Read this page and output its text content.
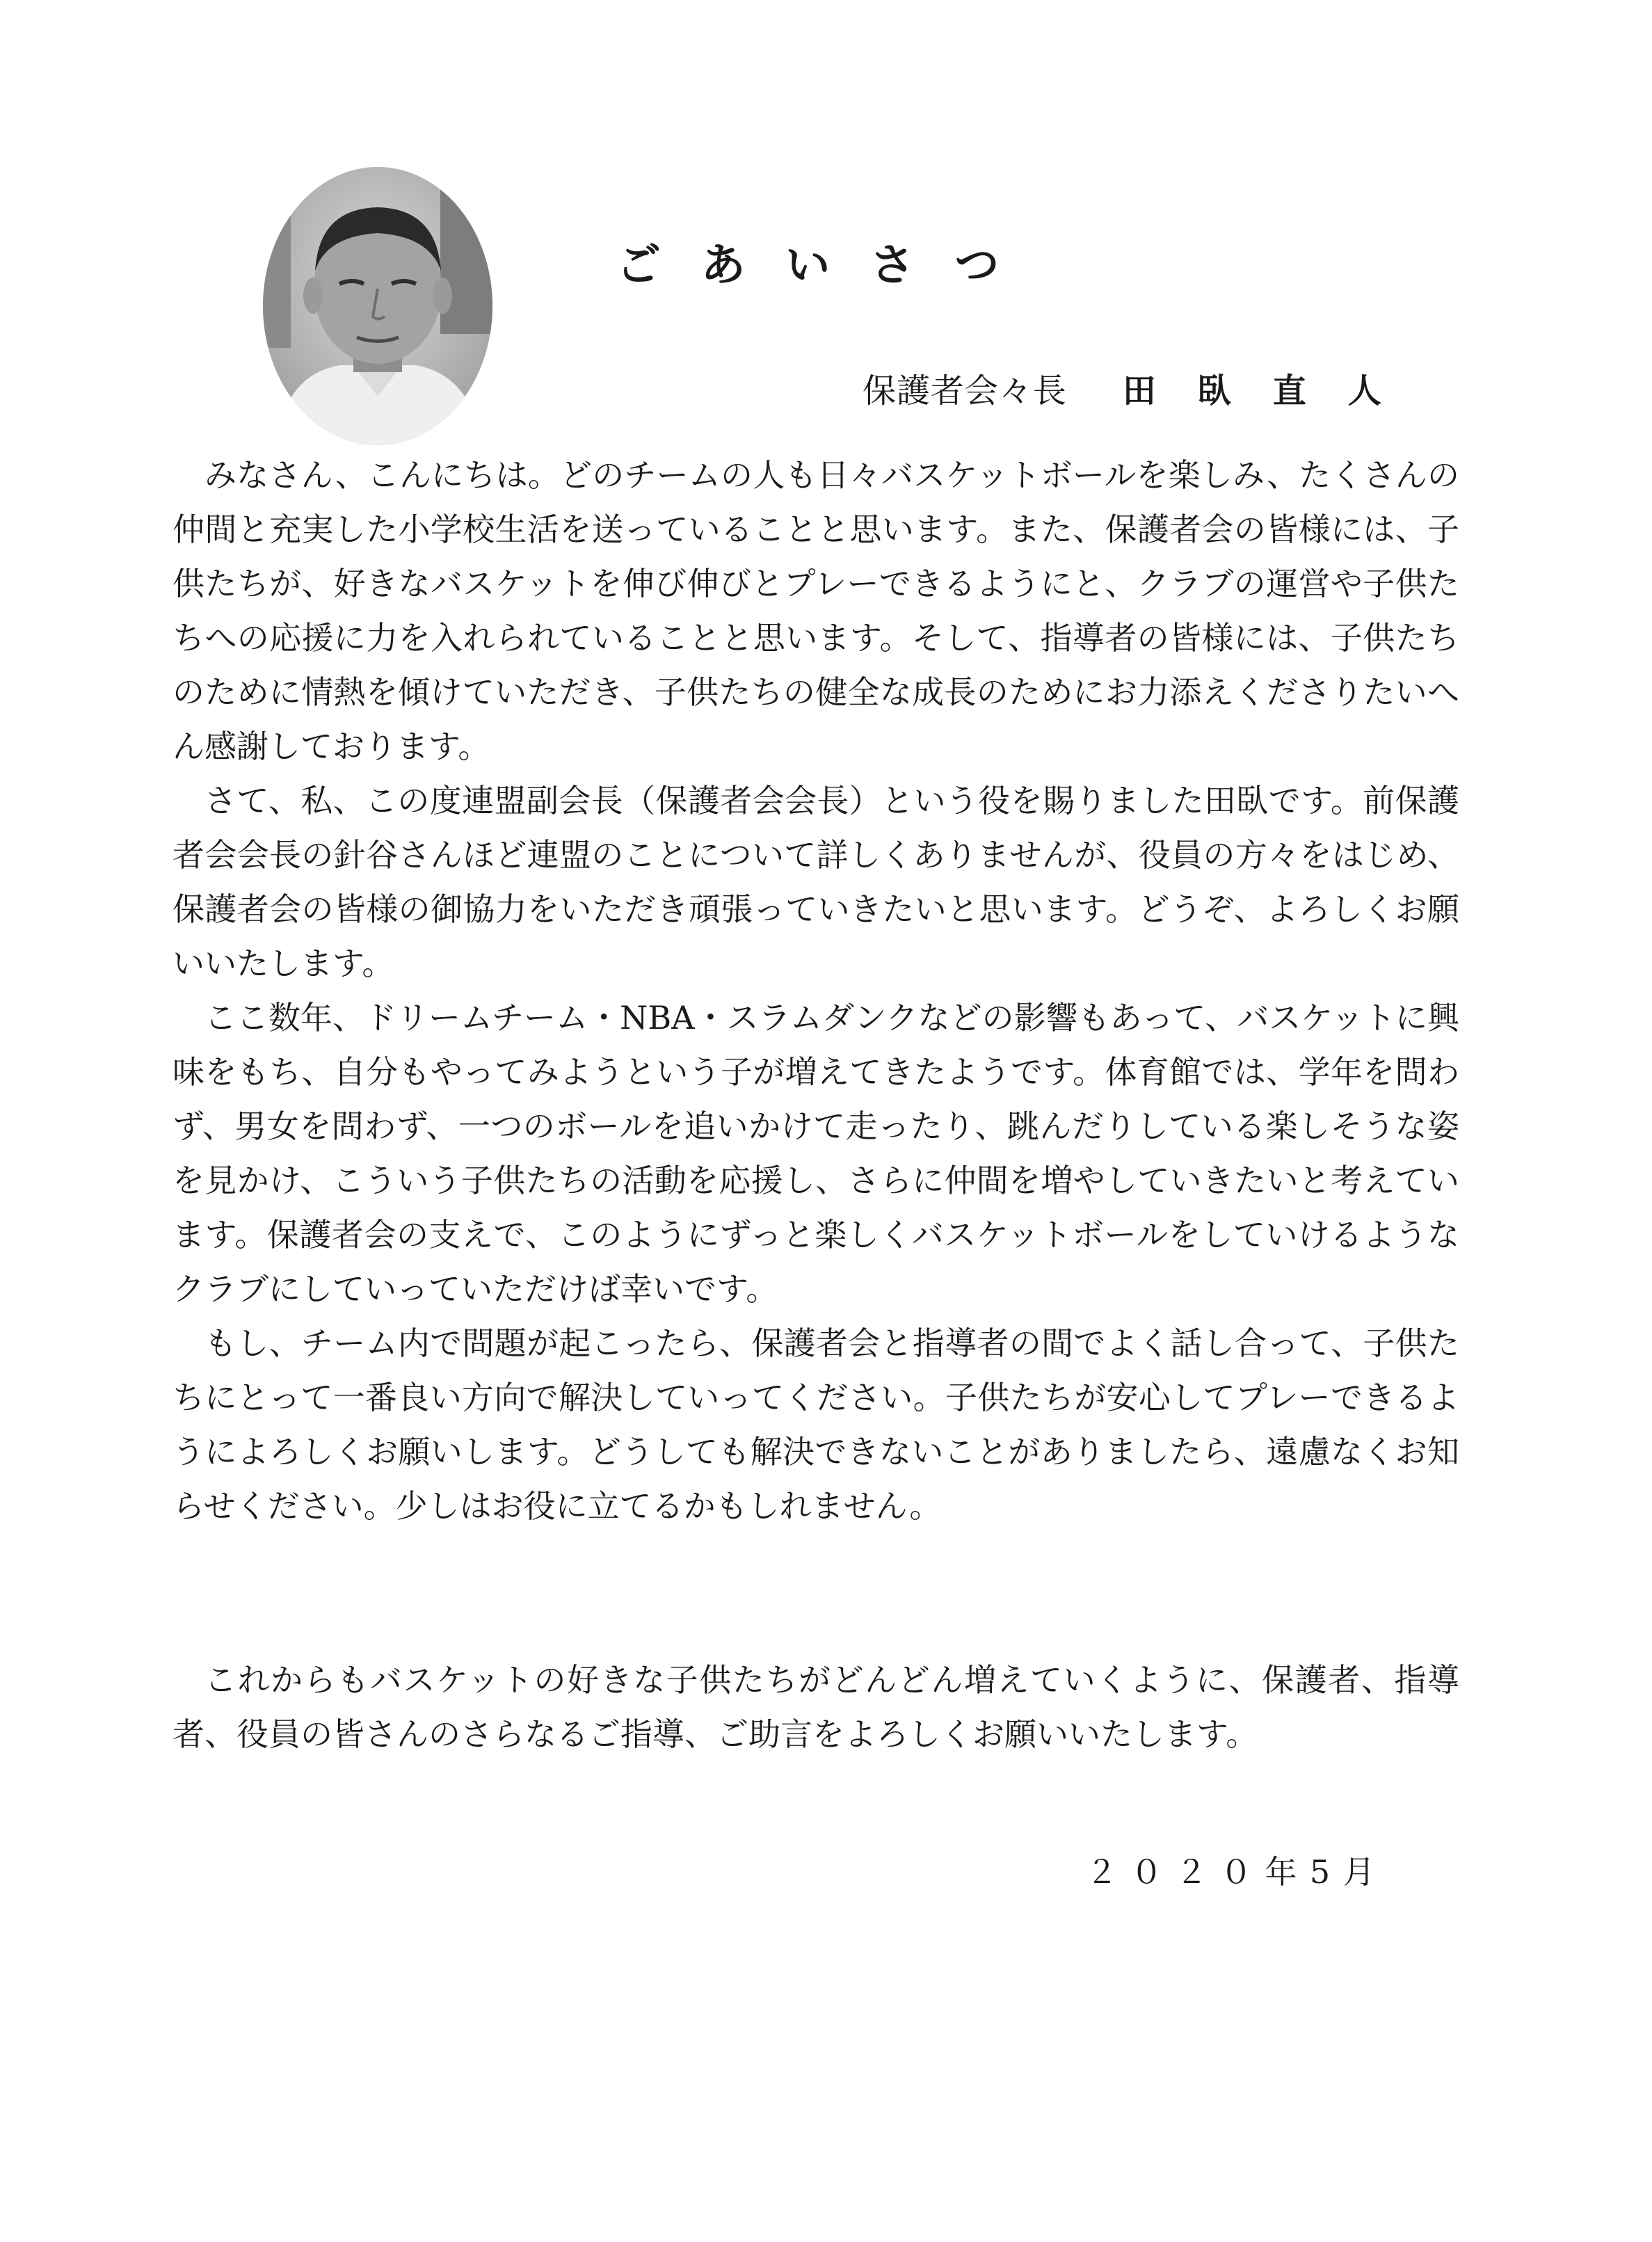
ごあいさつ
保護者会々長 田臥直人

みなさん、こんにちは。どのチームの人も日々バスケットボールを楽しみ、たくさんの仲間と充実した小学校生活を送っていることと思います。また、保護者会の皆様には、子供たちが、好きなバスケットを伸び伸びとプレーできるようにと、クラブの運営や子供たちへの応援に力を入れられていることと思います。そして、指導者の皆様には、子供たちのために情熱を傾けていただき、子供たちの健全な成長のためにお力添えくださりたいへん感謝しております。

さて、私、この度連盟副会長（保護者会会長）という役を賜りました田臥です。前保護者会会長の針谷さんほど連盟のことについて詳しくありませんが、役員の方々をはじめ、保護者会の皆様の御協力をいただき頑張っていきたいと思います。どうぞ、よろしくお願いいたします。

ここ数年、ドリームチーム・NBA・スラムダンクなどの影響もあって、バスケットに興味をもち、自分もやってみようという子が増えてきたようです。体育館では、学年を問わず、男女を問わず、一つのボールを追いかけて走ったり、跳んだりしている楽しそうな姿を見かけ、こういう子供たちの活動を応援し、さらに仲間を増やしていきたいと考えています。保護者会の支えで、このようにずっと楽しくバスケットボールをしていけるようなクラブにしていっていただけば幸いです。

もし、チーム内で問題が起こったら、保護者会と指導者の間でよく話し合って、子供たちにとって一番良い方向で解決していってください。子供たちが安心してプレーできるようによろしくお願いします。どうしても解決できないことがありましたら、遠慮なくお知らせください。少しはお役に立てるかもしれません。

これからもバスケットの好きな子供たちがどんどん増えていくように、保護者、指導者、役員の皆さんのさらなるご指導、ご助言をよろしくお願いいたします。
２０２０年5月
